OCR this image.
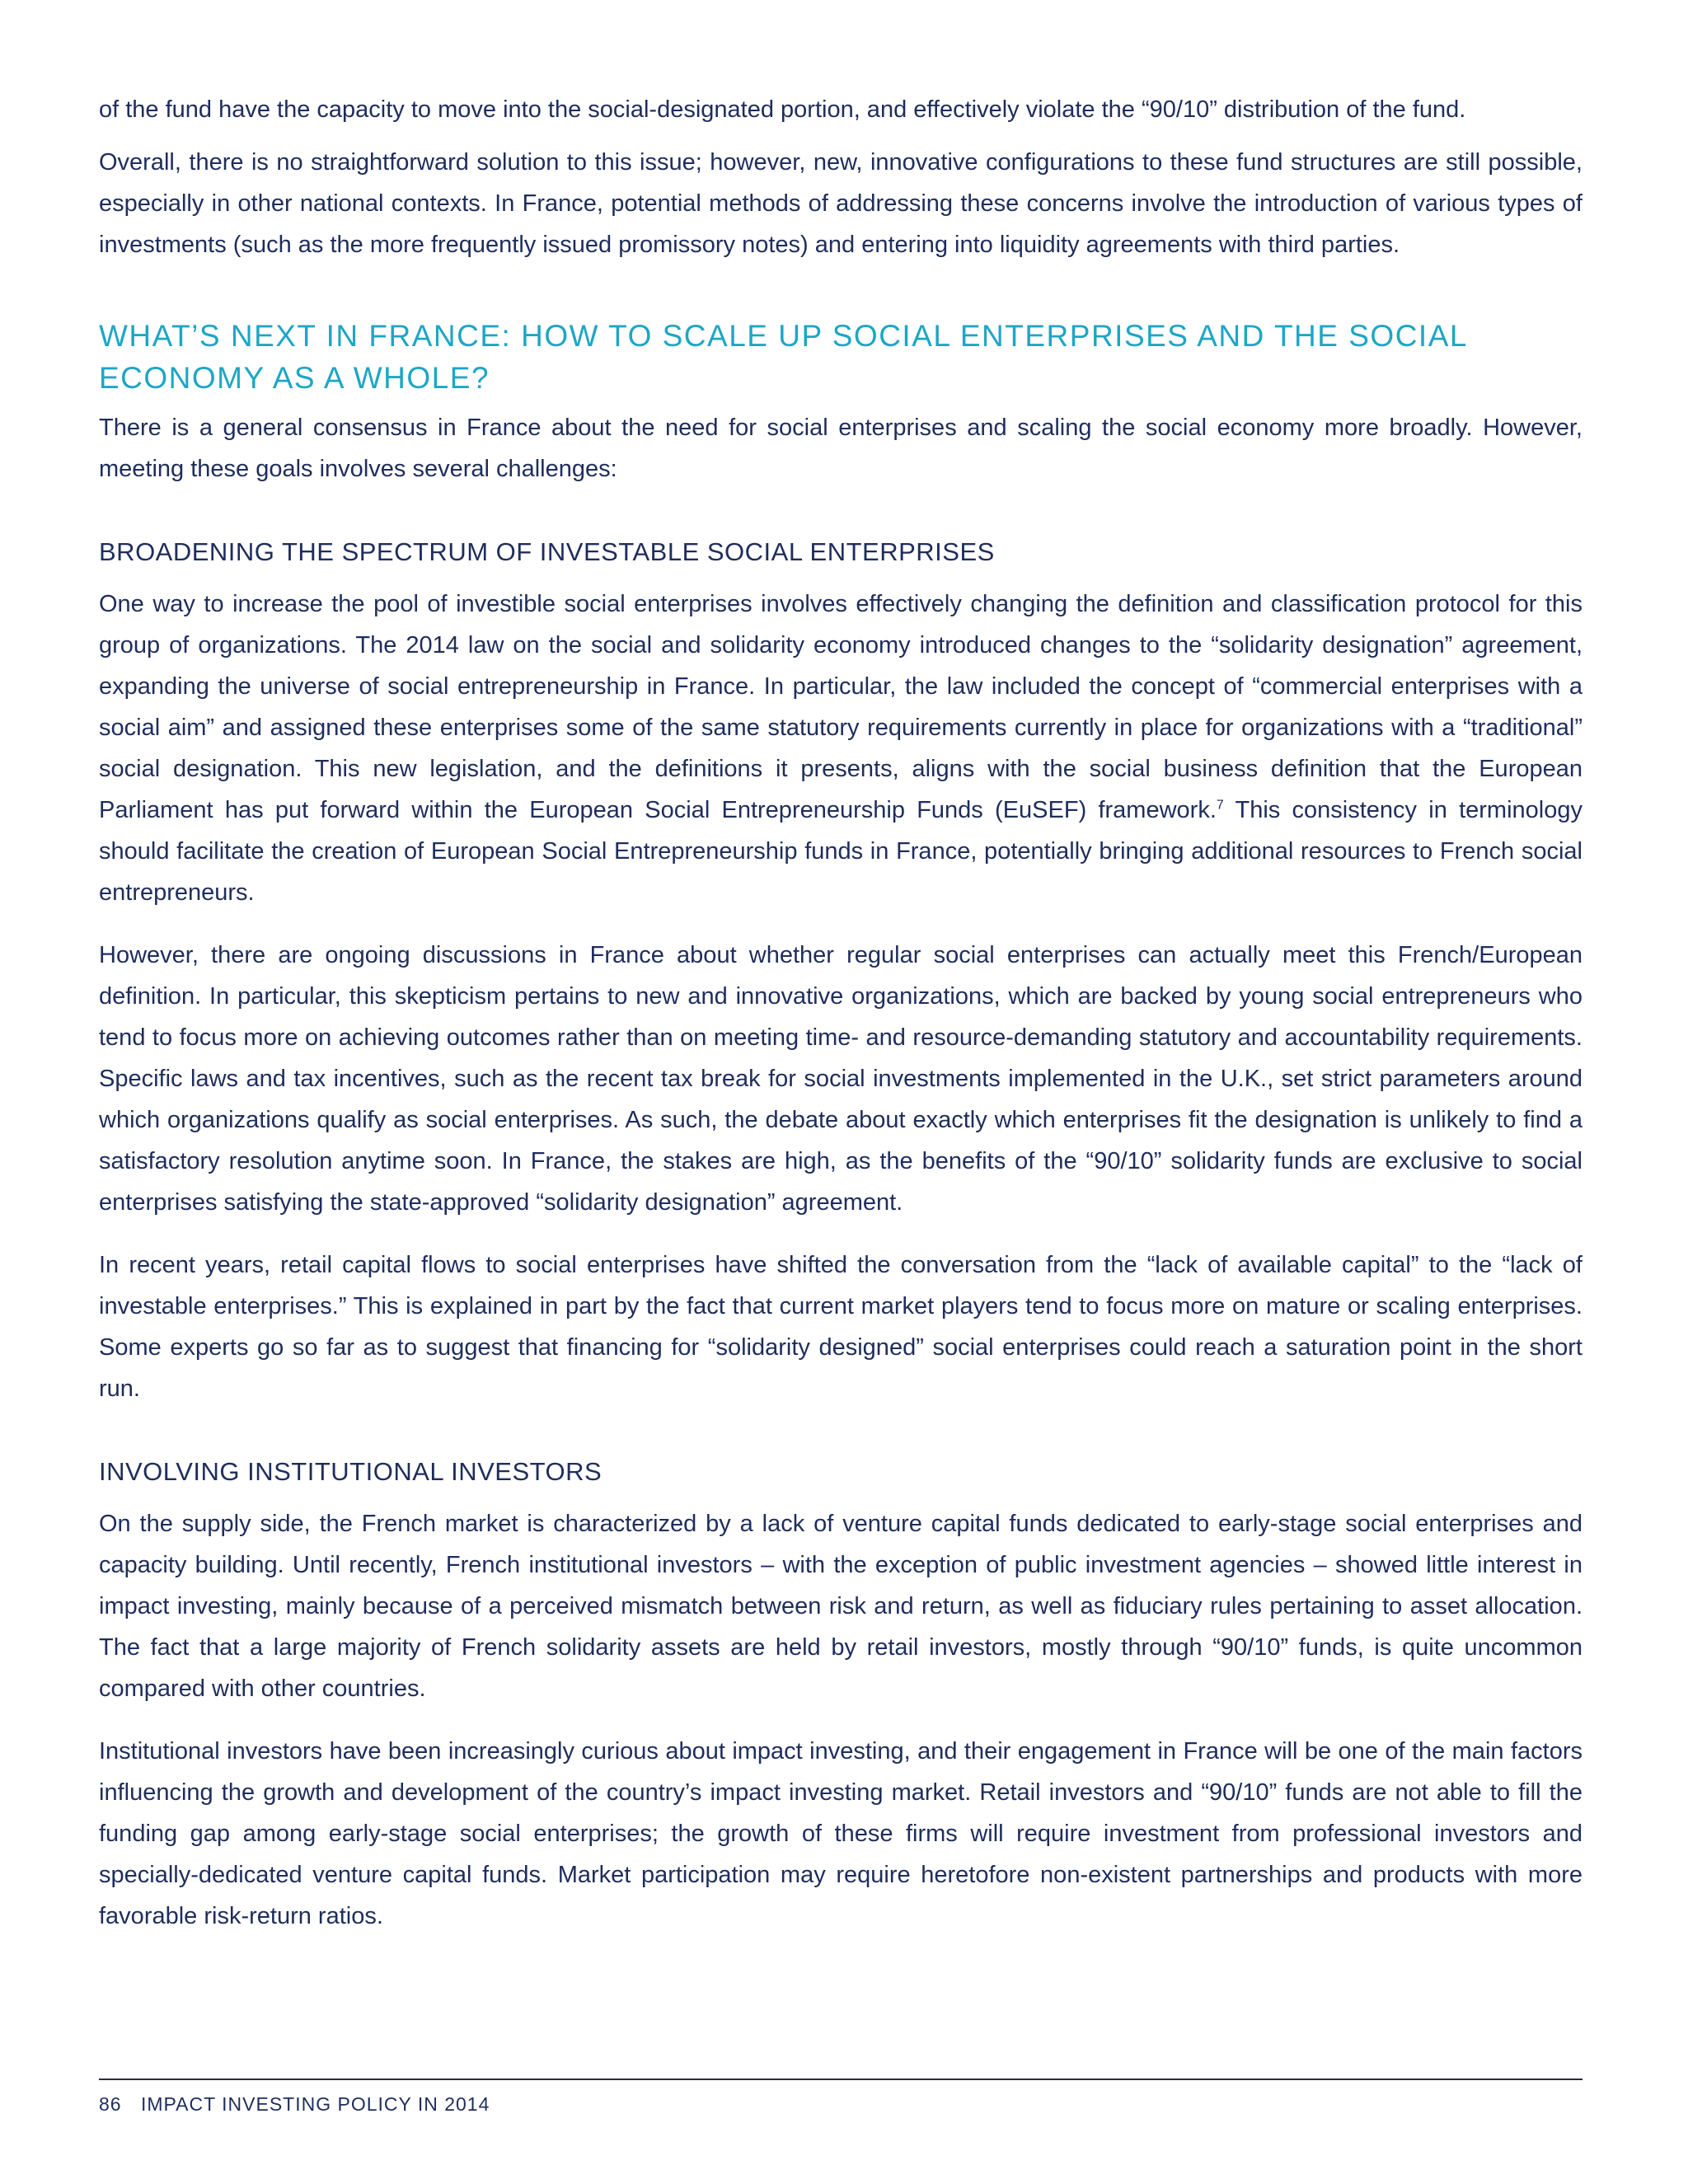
of the fund have the capacity to move into the social-designated portion, and effectively violate the “90/10” distribution of the fund.

Overall, there is no straightforward solution to this issue; however, new, innovative configurations to these fund structures are still possible, especially in other national contexts. In France, potential methods of addressing these concerns involve the introduction of various types of investments (such as the more frequently issued promissory notes) and entering into liquidity agreements with third parties.

WHAT’S NEXT IN FRANCE: HOW TO SCALE UP SOCIAL ENTERPRISES AND THE SOCIAL ECONOMY AS A WHOLE?

There is a general consensus in France about the need for social enterprises and scaling the social economy more broadly. However, meeting these goals involves several challenges:

BROADENING THE SPECTRUM OF INVESTABLE SOCIAL ENTERPRISES

One way to increase the pool of investible social enterprises involves effectively changing the definition and classification protocol for this group of organizations. The 2014 law on the social and solidarity economy introduced changes to the “solidarity designation” agreement, expanding the universe of social entrepreneurship in France. In particular, the law included the concept of “commercial enterprises with a social aim” and assigned these enterprises some of the same statutory requirements currently in place for organizations with a “traditional” social designation. This new legislation, and the definitions it presents, aligns with the social business definition that the European Parliament has put forward within the European Social Entrepreneurship Funds (EuSEF) framework.$^7$ This consistency in terminology should facilitate the creation of European Social Entrepreneurship funds in France, potentially bringing additional resources to French social entrepreneurs.

However, there are ongoing discussions in France about whether regular social enterprises can actually meet this French/European definition. In particular, this skepticism pertains to new and innovative organizations, which are backed by young social entrepreneurs who tend to focus more on achieving outcomes rather than on meeting time- and resource-demanding statutory and accountability requirements. Specific laws and tax incentives, such as the recent tax break for social investments implemented in the U.K., set strict parameters around which organizations qualify as social enterprises. As such, the debate about exactly which enterprises fit the designation is unlikely to find a satisfactory resolution anytime soon. In France, the stakes are high, as the benefits of the “90/10” solidarity funds are exclusive to social enterprises satisfying the state-approved “solidarity designation” agreement.

In recent years, retail capital flows to social enterprises have shifted the conversation from the “lack of available capital” to the “lack of investable enterprises.” This is explained in part by the fact that current market players tend to focus more on mature or scaling enterprises. Some experts go so far as to suggest that financing for “solidarity designed” social enterprises could reach a saturation point in the short run.

INVOLVING INSTITUTIONAL INVESTORS

On the supply side, the French market is characterized by a lack of venture capital funds dedicated to early-stage social enterprises and capacity building. Until recently, French institutional investors – with the exception of public investment agencies – showed little interest in impact investing, mainly because of a perceived mismatch between risk and return, as well as fiduciary rules pertaining to asset allocation. The fact that a large majority of French solidarity assets are held by retail investors, mostly through “90/10” funds, is quite uncommon compared with other countries.

Institutional investors have been increasingly curious about impact investing, and their engagement in France will be one of the main factors influencing the growth and development of the country’s impact investing market. Retail investors and “90/10” funds are not able to fill the funding gap among early-stage social enterprises; the growth of these firms will require investment from professional investors and specially-dedicated venture capital funds. Market participation may require heretofore non-existent partnerships and products with more favorable risk-return ratios.

86 IMPACT INVESTING POLICY IN 2014
